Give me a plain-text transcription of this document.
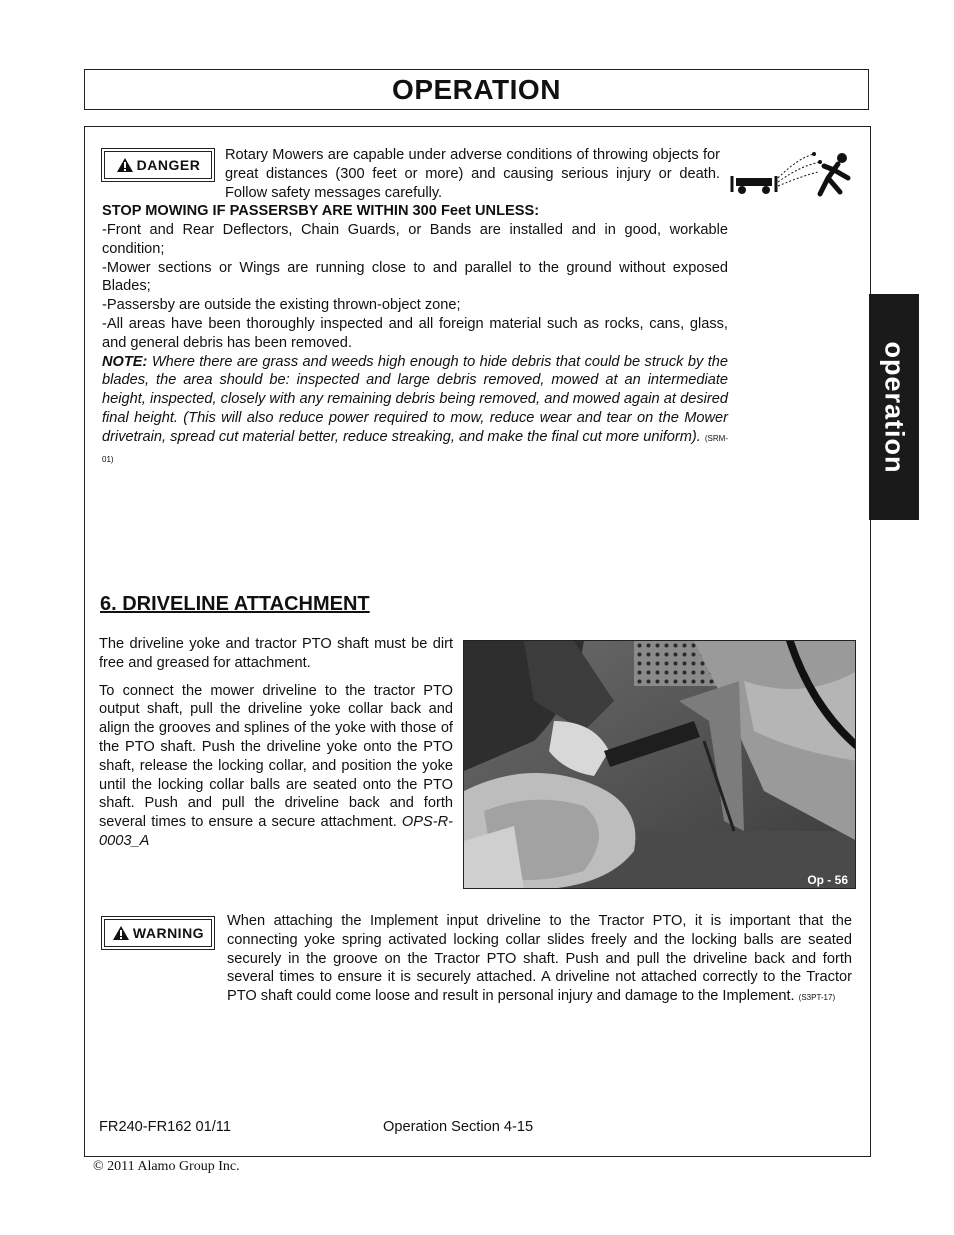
OPERATION
operation
DANGER
Rotary Mowers are capable under adverse conditions of throwing objects for great distances (300 feet or more) and causing serious injury or death. Follow safety messages carefully.
STOP MOWING IF PASSERSBY ARE WITHIN 300 Feet UNLESS:

-Front and Rear Deflectors, Chain Guards, or Bands are installed and in good, workable condition;

-Mower sections or Wings are running close to and parallel to the ground without exposed Blades;

-Passersby are outside the existing thrown-object zone;

-All areas have been thoroughly inspected and all foreign material such as rocks, cans, glass, and general debris has been removed.

NOTE: Where there are grass and weeds high enough to hide debris that could be struck by the blades, the area should be: inspected and large debris removed, mowed at an intermediate height, inspected, closely with any remaining debris being removed, and mowed again at desired final height. (This will also reduce power required to mow, reduce wear and tear on the Mower drivetrain, spread cut material better, reduce streaking, and make the final cut more uniform). (SRM-01)

6. DRIVELINE ATTACHMENT

The driveline yoke and tractor PTO shaft must be dirt free and greased for attachment.

To connect the mower driveline to the tractor PTO output shaft, pull the driveline yoke collar back and align the grooves and splines of the yoke with those of the PTO shaft. Push the driveline yoke onto the PTO shaft, release the locking collar, and position the yoke until the locking collar balls are seated onto the PTO shaft. Push and pull the driveline back and forth several times to ensure a secure attachment. OPS-R-0003_A

Op - 56
WARNING
When attaching the Implement input driveline to the Tractor PTO, it is important that the connecting yoke spring activated locking collar slides freely and the locking balls are seated securely in the groove on the Tractor PTO shaft. Push and pull the driveline back and forth several times to ensure it is securely attached. A driveline not attached correctly to the Tractor PTO shaft could come loose and result in personal injury and damage to the Implement. (S3PT-17)
FR240-FR162 01/11	Operation Section 4-15
© 2011 Alamo Group Inc.
